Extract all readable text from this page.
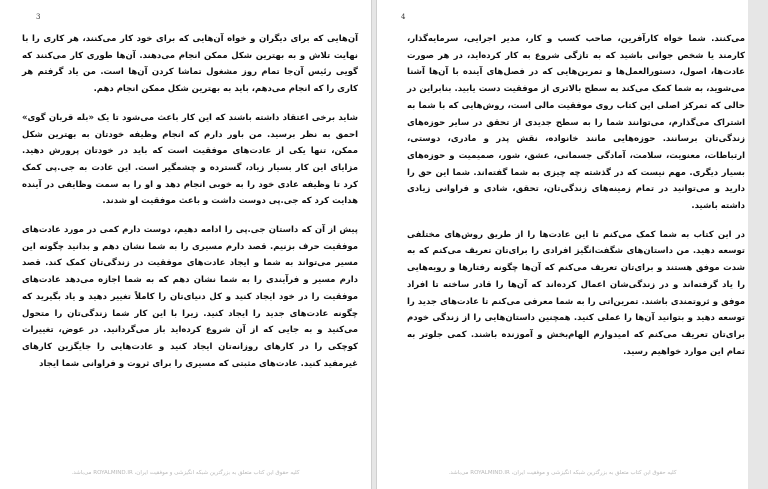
3

آن‌هایی که برای دیگران و خواه آن‌هایی که برای خود کار می‌کنند، هر کاری را با نهایت تلاش و به بهترین شکل ممکن انجام می‌دهند. آن‌ها طوری کار می‌کنند که گویی رئیس آن‌جا تمام روز مشغول تماشا کردن آن‌ها است. من یاد گرفتم هر کاری را که انجام می‌دهم، باید به بهترین شکل ممکن انجام دهم.

شاید برخی اعتقاد داشته باشند که این کار باعث می‌شود تا یک «بله قربان گوی» احمق به نظر برسید. من باور دارم که انجام وظیفه خودتان به بهترین شکل ممکن، تنها یکی از عادت‌های موفقیت است که باید در خودتان پرورش دهید. مزایای این کار بسیار زیاد، گسترده و چشمگیر است. این عادت به جی.پی کمک کرد تا وظیفه عادی خود را به خوبی انجام دهد و او را به سمت وظایفی در آینده هدایت کرد که جی.پی دوست داشت و باعث موفقیت او شدند.

پیش از آن که داستان جی.پی را ادامه دهیم، دوست دارم کمی در مورد عادت‌های موفقیت حرف بزنیم. قصد دارم مسیری را به شما نشان دهم و بدانید چگونه این مسیر می‌تواند به شما و ایجاد عادت‌های موفقیت در زندگی‌تان کمک کند. قصد دارم مسیر و فرآیندی را به شما نشان دهم که به شما اجازه می‌دهد عادت‌های موفقیت را در خود ایجاد کنید و کل دنیای‌تان را کاملاً تغییر دهید و یاد بگیرید که چگونه عادت‌های جدید را ایجاد کنید. زیرا با این کار شما زندگی‌تان را متحول می‌کنید و به جایی که از آن شروع کرده‌اید باز می‌گردانید. در عوض، تغییرات کوچکی را در کارهای روزانه‌تان ایجاد کنید و عادت‌هایی را جایگزین کارهای غیرمفید کنید. عادت‌های مثبتی که مسیری را برای ثروت و فراوانی شما ایجاد

کلیه حقوق این کتاب متعلق به بزرگترین شبکه انگیزشی و موفقیت ایران، ROYALMIND.IR می‌باشد.
4

می‌کنند. شما خواه کارآفرین، صاحب کسب و کار، مدیر اجرایی، سرمایه‌گذار، کارمند یا شخص جوانی باشید که به تازگی شروع به کار کرده‌اید، در هر صورت عادت‌ها، اصول، دستورالعمل‌ها و تمرین‌هایی که در فصل‌های آینده با آن‌ها آشنا می‌شوید، به شما کمک می‌کند به سطح بالاتری از موفقیت دست یابید. بنابراین در حالی که تمرکز اصلی این کتاب روی موفقیت مالی است، روش‌هایی که با شما به اشتراک می‌گذارم، می‌توانند شما را به سطح جدیدی از تحقق در سایر حوزه‌های زندگی‌تان برسانند. حوزه‌هایی مانند خانواده، نقش پدر و مادری، دوستی، ارتباطات، معنویت، سلامت، آمادگی جسمانی، عشق، شور، صمیمیت و حوزه‌های بسیار دیگری. مهم نیست که در گذشته چه چیزی به شما گفته‌اند. شما این حق را دارید و می‌توانید در تمام زمینه‌های زندگی‌تان، تحقق، شادی و فراوانی زیادی داشته باشید.

در این کتاب به شما کمک می‌کنم تا این عادت‌ها را از طریق روش‌های مختلفی توسعه دهید. من داستان‌های شگفت‌انگیز افرادی را برای‌تان تعریف می‌کنم که به شدت موفق هستند و برای‌تان تعریف می‌کنم که آن‌ها چگونه رفتارها و رویه‌هایی را یاد گرفته‌اند و در زندگی‌شان اعمال کرده‌اند که آن‌ها را قادر ساخته تا افراد موفق و ثروتمندی باشند. تمرین‌اتی را به شما معرفی می‌کنم تا عادت‌های جدید را توسعه دهید و بتوانید آن‌ها را عملی کنید. همچنین داستان‌هایی را از زندگی خودم برای‌تان تعریف می‌کنم که امیدوارم الهام‌بخش و آموزنده باشند. کمی جلوتر به تمام این موارد خواهیم رسید.

کلیه حقوق این کتاب متعلق به بزرگترین شبکه انگیزشی و موفقیت ایران، ROYALMIND.IR می‌باشد.
